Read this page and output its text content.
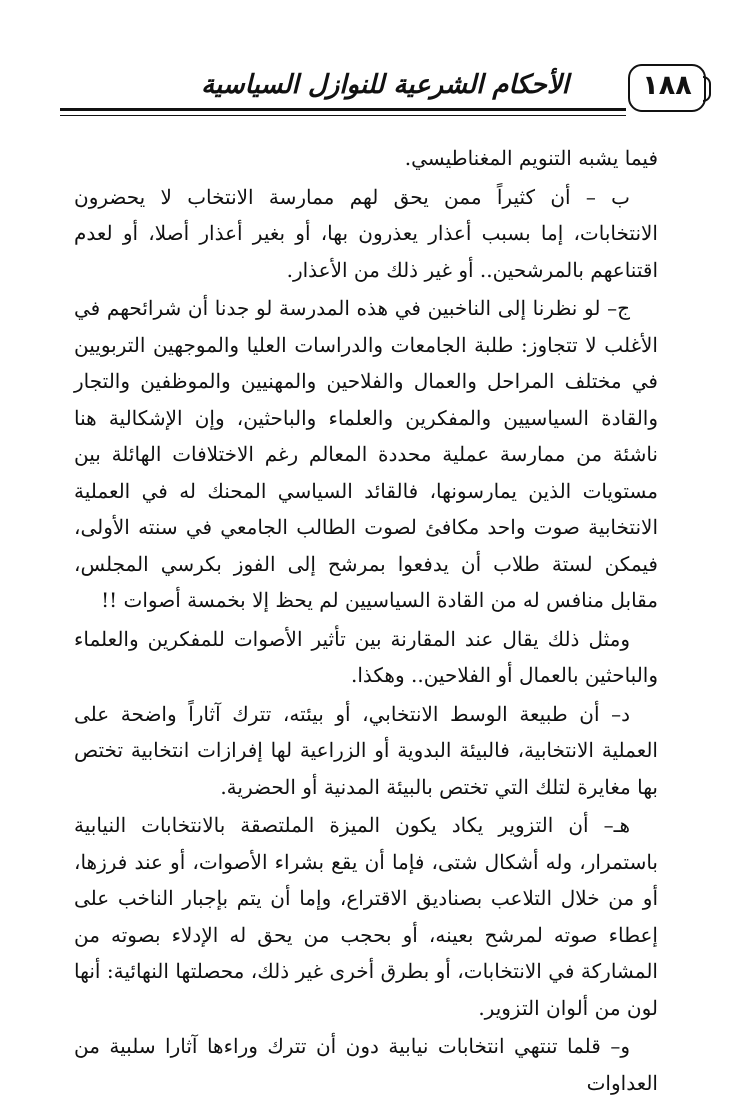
١٨٨
الأحكام الشرعية للنوازل السياسية

فيما يشبه التنويم المغناطيسي.

ب – أن كثيراً ممن يحق لهم ممارسة الانتخاب لا يحضرون الانتخابات، إما بسبب أعذار يعذرون بها، أو بغير أعذار أصلا، أو لعدم اقتناعهم بالمرشحين.. أو غير ذلك من الأعذار.

ج– لو نظرنا إلى الناخبين في هذه المدرسة لو جدنا أن شرائحهم في الأغلب لا تتجاوز: طلبة الجامعات والدراسات العليا والموجهين التربويين في مختلف المراحل والعمال والفلاحين والمهنيين والموظفين والتجار والقادة السياسيين والمفكرين والعلماء والباحثين، وإن الإشكالية هنا ناشئة من ممارسة عملية محددة المعالم رغم الاختلافات الهائلة بين مستويات الذين يمارسونها، فالقائد السياسي المحنك له في العملية الانتخابية صوت واحد مكافئ لصوت الطالب الجامعي في سنته الأولى، فيمكن لستة طلاب أن يدفعوا بمرشح إلى الفوز بكرسي المجلس، مقابل منافس له من القادة السياسيين لم يحظ إلا بخمسة أصوات !!

ومثل ذلك يقال عند المقارنة بين تأثير الأصوات للمفكرين والعلماء والباحثين بالعمال أو الفلاحين.. وهكذا.

د– أن طبيعة الوسط الانتخابي، أو بيئته، تترك آثاراً واضحة على العملية الانتخابية، فالبيئة البدوية أو الزراعية لها إفرازات انتخابية تختص بها مغايرة لتلك التي تختص بالبيئة المدنية أو الحضرية.

هـ– أن التزوير يكاد يكون الميزة الملتصقة بالانتخابات النيابية باستمرار، وله أشكال شتى، فإما أن يقع بشراء الأصوات، أو عند فرزها، أو من خلال التلاعب بصناديق الاقتراع، وإما أن يتم بإجبار الناخب على إعطاء صوته لمرشح بعينه، أو بحجب من يحق له الإدلاء بصوته من المشاركة في الانتخابات، أو بطرق أخرى غير ذلك، محصلتها النهائية: أنها لون من ألوان التزوير.

و– قلما تنتهي انتخابات نيابية دون أن تترك وراءها آثارا سلبية من العداوات
